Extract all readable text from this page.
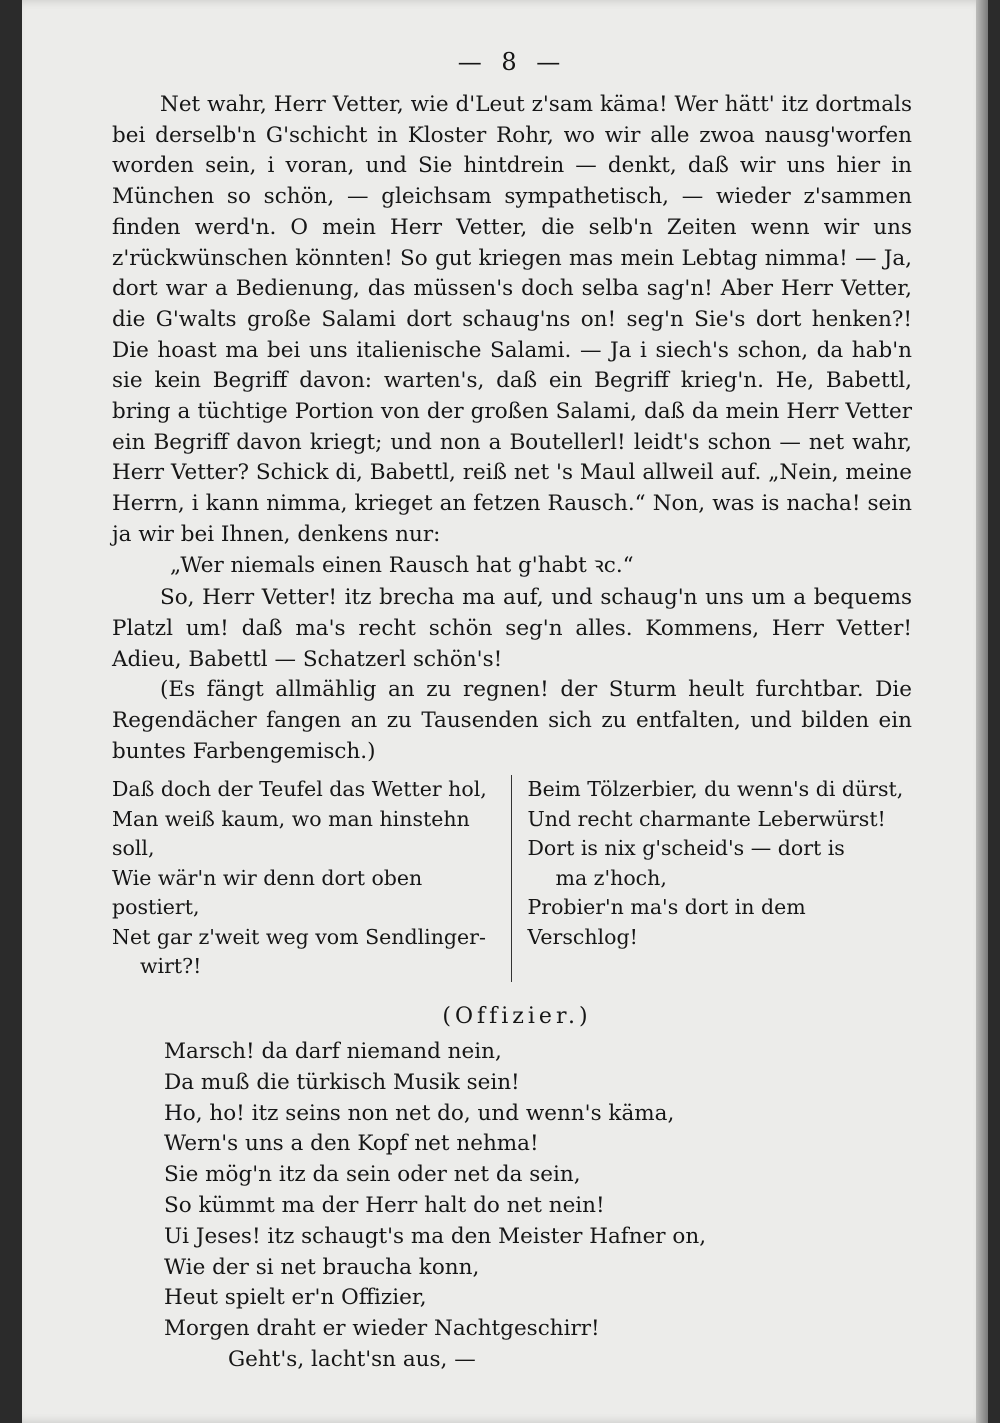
— 8 —

Net wahr, Herr Vetter, wie d'Leut z'sam käma! Wer hätt' itz dortmals bei derselb'n G'schicht in Kloster Rohr, wo wir alle zwoa nausg'worfen worden sein, i voran, und Sie hintdrein — denkt, daß wir uns hier in München so schön, — gleichsam sympathetisch, — wieder z'sammen finden werd'n. O mein Herr Vetter, die selb'n Zeiten wenn wir uns z'rückwünschen könnten! So gut kriegen mas mein Lebtag nimma! — Ja, dort war a Bedienung, das müssen's doch selba sag'n! Aber Herr Vetter, die G'walts große Salami dort schaug'ns on! seg'n Sie's dort henken?! Die hoast ma bei uns italienische Salami. — Ja i siech's schon, da hab'n sie kein Begriff davon: warten's, daß ein Begriff krieg'n. He, Babettl, bring a tüchtige Portion von der großen Salami, daß da mein Herr Vetter ein Begriff davon kriegt; und non a Boutellerl! leidt's schon — net wahr, Herr Vetter? Schick di, Babettl, reiß net 's Maul allweil auf. „Nein, meine Herrn, i kann nimma, krieget an fetzen Rausch.“ Non, was is nacha! sein ja wir bei Ihnen, denkens nur:

„Wer niemals einen Rausch hat g'habt ꝛc.“

So, Herr Vetter! itz brecha ma auf, und schaug'n uns um a bequems Platzl um! daß ma's recht schön seg'n alles. Kommens, Herr Vetter! Adieu, Babettl — Schatzerl schön's!

(Es fängt allmählig an zu regnen! der Sturm heult furchtbar. Die Regendächer fangen an zu Tausenden sich zu entfalten, und bilden ein buntes Farbengemisch.)

Daß doch der Teufel das Wetter hol,
Man weiß kaum, wo man hinstehn soll,
Wie wär'n wir denn dort oben postiert,
Net gar z'weit weg vom Sendlinger-
wirt?!
Beim Tölzerbier, du wenn's di dürst,
Und recht charmante Leberwürst!
Dort is nix g'scheid's — dort is
ma z'hoch,
Probier'n ma's dort in dem Verschlog!
(Offizier.)
Marsch! da darf niemand nein,
Da muß die türkisch Musik sein!
Ho, ho! itz seins non net do, und wenn's käma,
Wern's uns a den Kopf net nehma!
Sie mög'n itz da sein oder net da sein,
So kümmt ma der Herr halt do net nein!
Ui Jeses! itz schaugt's ma den Meister Hafner on,
Wie der si net braucha konn,
Heut spielt er'n Offizier,
Morgen draht er wieder Nachtgeschirr!
Geht's, lacht'sn aus, —
